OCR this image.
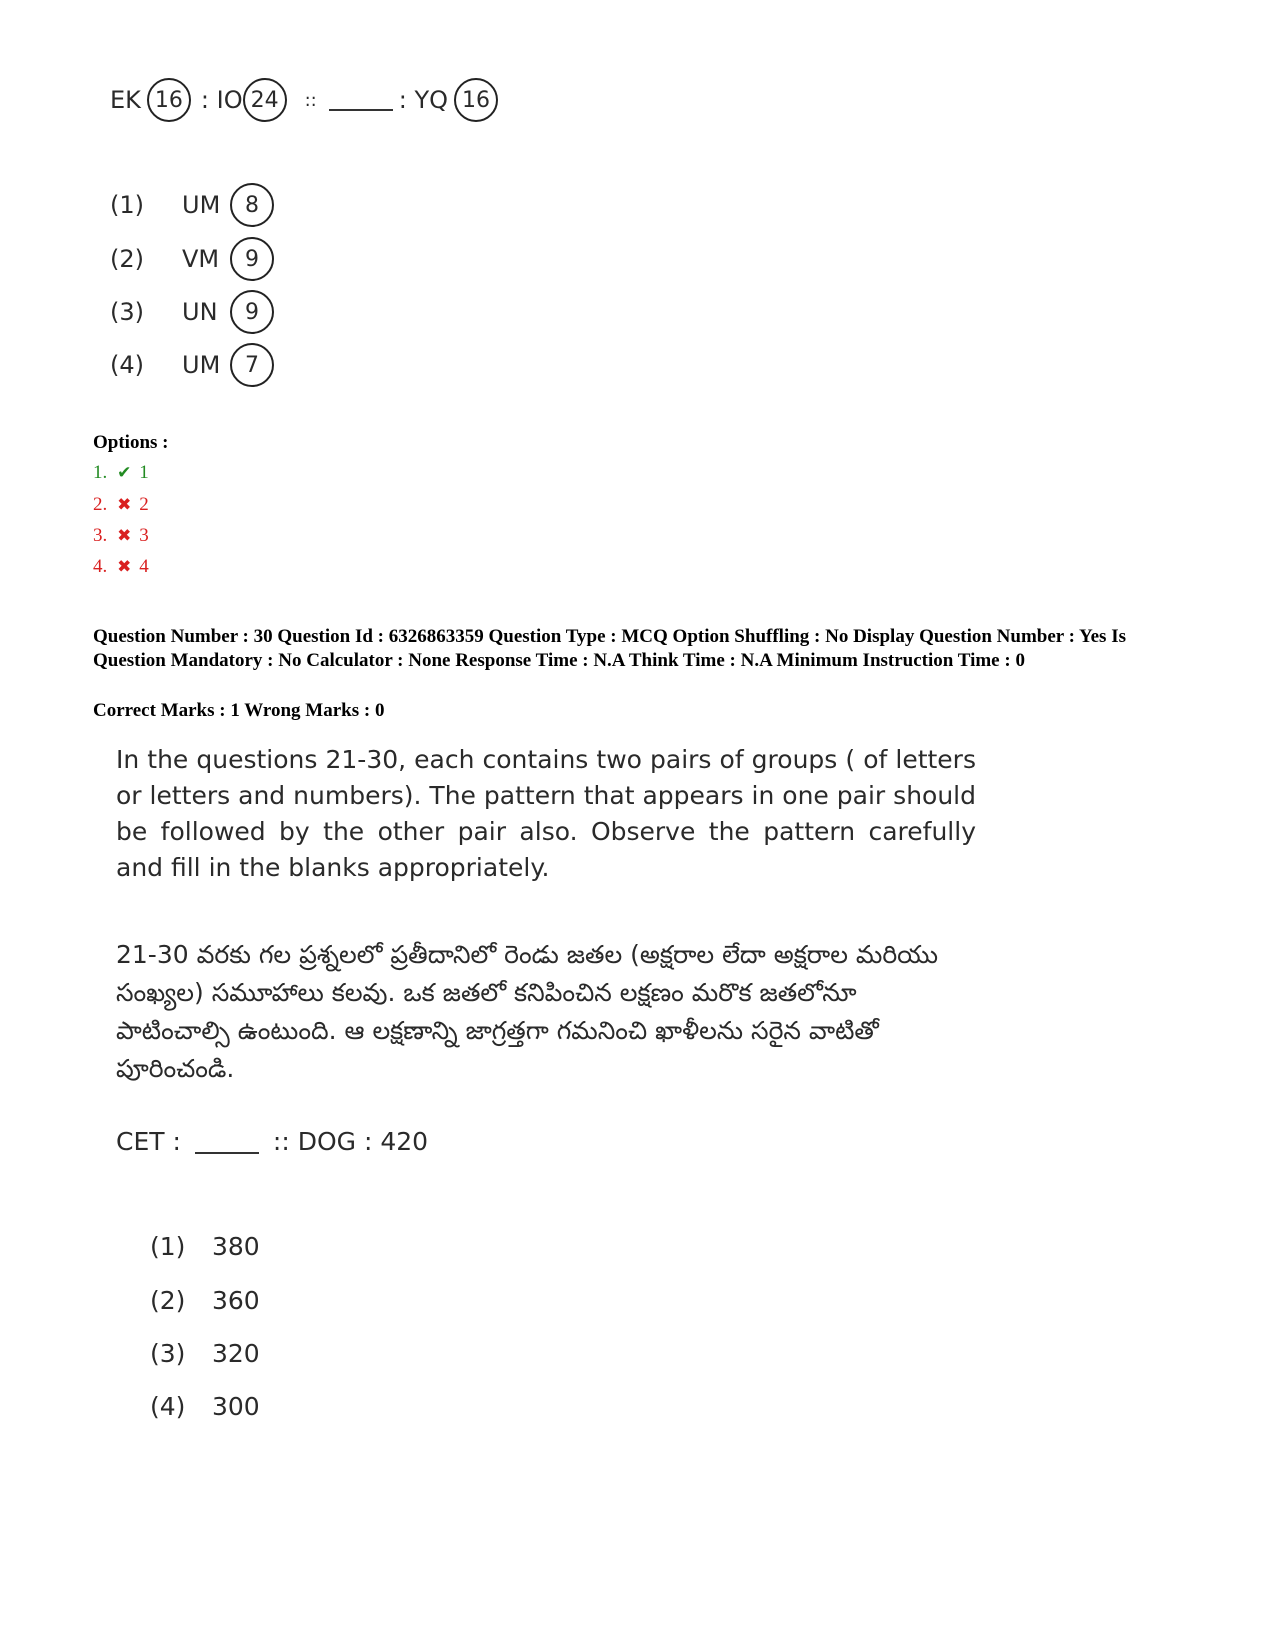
EK 16 : IO 24	::	: YQ 16
(1)	UM	8
(2)	VM	9
(3)	UN	9
(4)	UM	7
Options :
1. ✔ 1
2. ✖ 2
3. ✖ 3
4. ✖ 4
Question Number : 30 Question Id : 6326863359 Question Type : MCQ Option Shuffling : No Display Question Number : Yes Is Question Mandatory : No Calculator : None Response Time : N.A Think Time : N.A Minimum Instruction Time : 0
Correct Marks : 1 Wrong Marks : 0
In the questions 21-30, each contains two pairs of groups ( of letters or letters and numbers). The pattern that appears in one pair should be followed by the other pair also. Observe the pattern carefully and fill in the blanks appropriately.
21-30 వరకు గల ప్రశ్నలలో ప్రతీదానిలో రెండు జతల (అక్షరాల లేదా అక్షరాల మరియు సంఖ్యల) సమూహాలు కలవు. ఒక జతలో కనిపించిన లక్షణం మరొక జతలోనూ పాటించాల్సి ఉంటుంది. ఆ లక్షణాన్ని జాగ్రత్తగా గమనించి ఖాళీలను సరైన వాటితో పూరించండి.
CET :	:: DOG : 420
(1)	380
(2)	360
(3)	320
(4)	300
